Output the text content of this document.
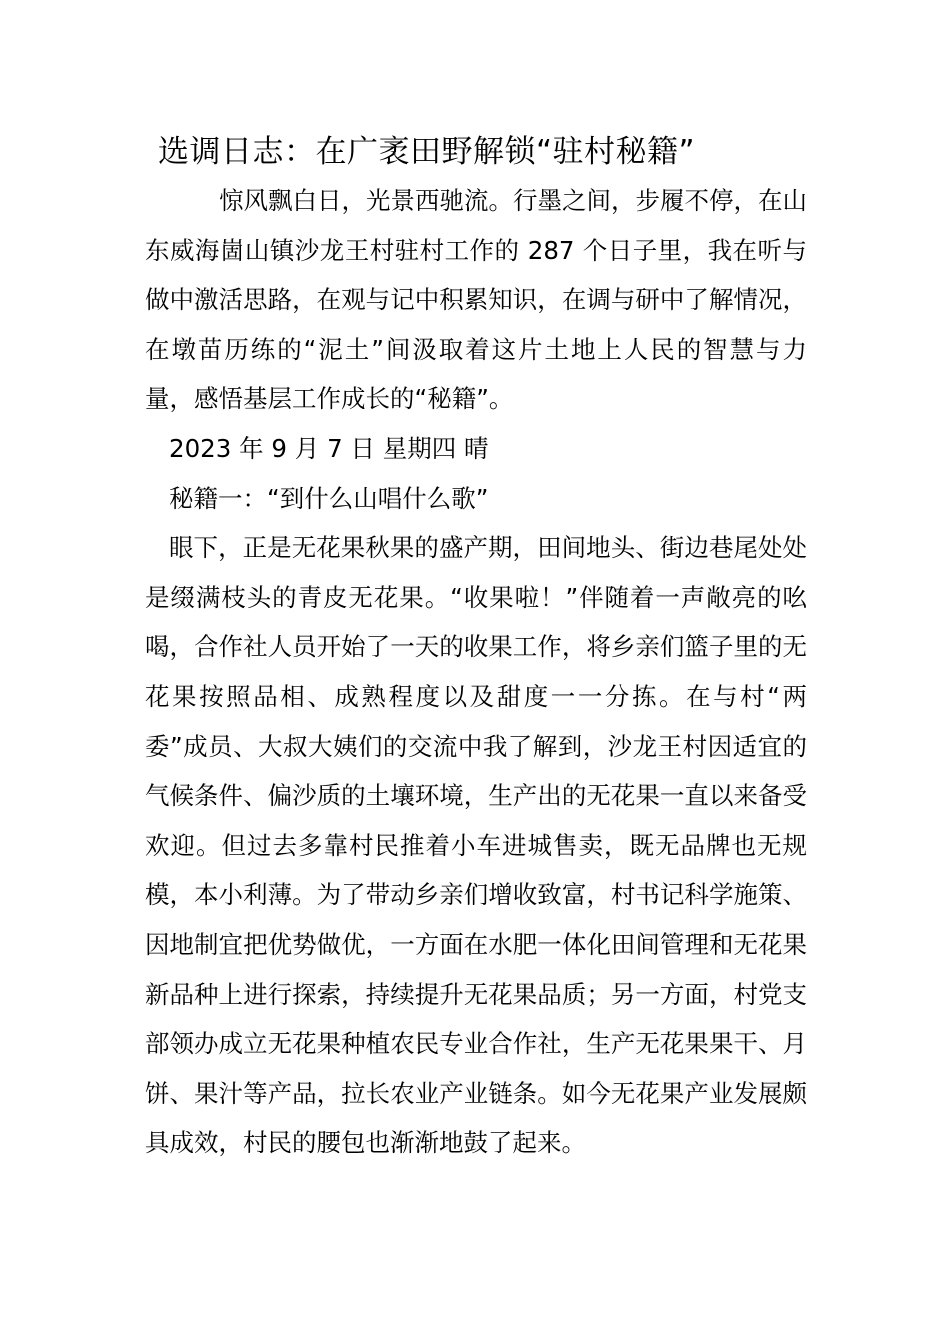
选调日志：在广袤田野解锁“驻村秘籍”

惊风飘白日，光景西驰流。行墨之间，步履不停，在山东威海崮山镇沙龙王村驻村工作的 287 个日子里，我在听与做中激活思路，在观与记中积累知识，在调与研中了解情况，在墩苗历练的“泥土”间汲取着这片土地上人民的智慧与力量，感悟基层工作成长的“秘籍”。

2023 年 9 月 7 日 星期四 晴

秘籍一：“到什么山唱什么歌”

眼下，正是无花果秋果的盛产期，田间地头、街边巷尾处处是缀满枝头的青皮无花果。“收果啦！”伴随着一声敞亮的吆喝，合作社人员开始了一天的收果工作，将乡亲们篮子里的无花果按照品相、成熟程度以及甜度一一分拣。在与村“两委”成员、大叔大姨们的交流中我了解到，沙龙王村因适宜的气候条件、偏沙质的土壤环境，生产出的无花果一直以来备受欢迎。但过去多靠村民推着小车进城售卖，既无品牌也无规模，本小利薄。为了带动乡亲们增收致富，村书记科学施策、因地制宜把优势做优，一方面在水肥一体化田间管理和无花果新品种上进行探索，持续提升无花果品质；另一方面，村党支部领办成立无花果种植农民专业合作社，生产无花果果干、月饼、果汁等产品，拉长农业产业链条。如今无花果产业发展颇具成效，村民的腰包也渐渐地鼓了起来。
